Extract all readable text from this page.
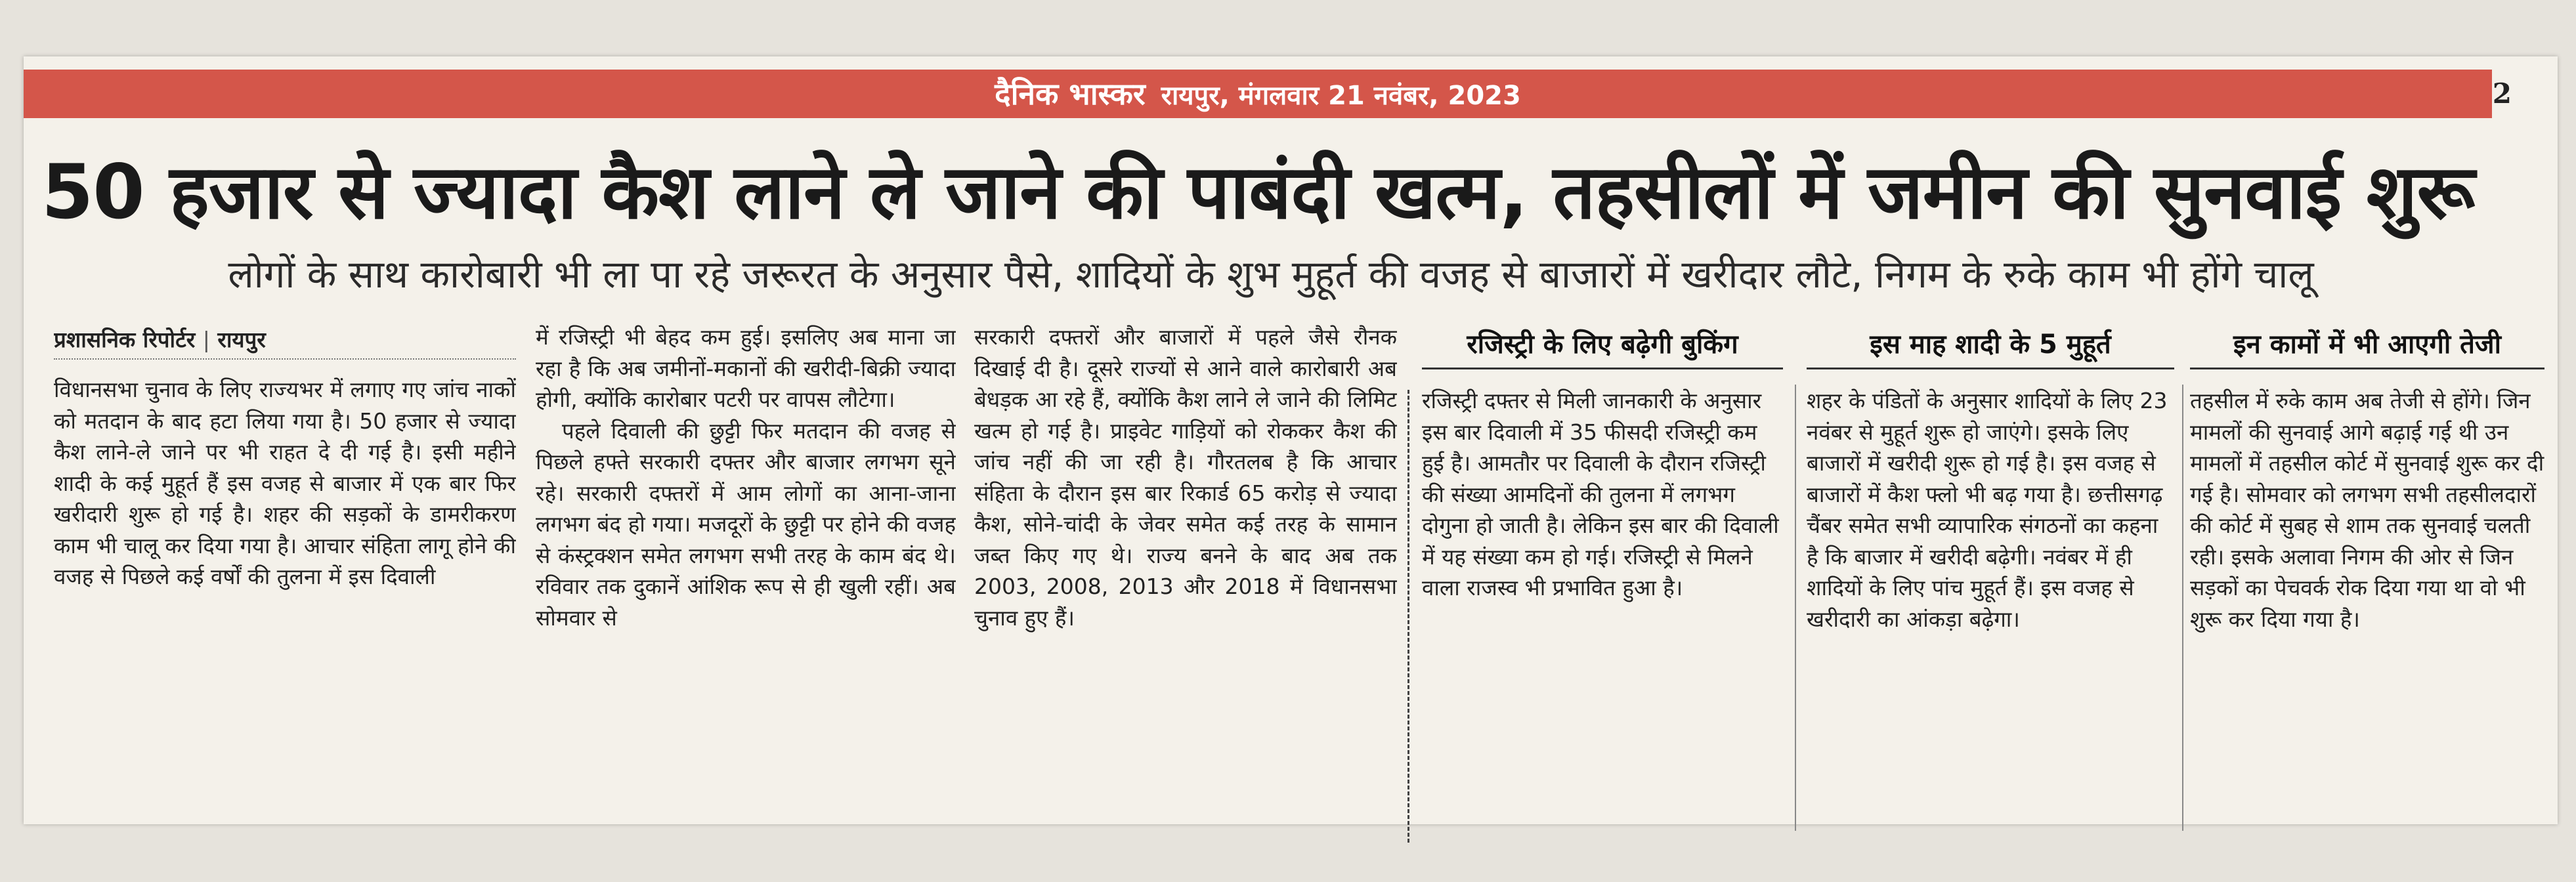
दैनिक भास्कर रायपुर, मंगलवार 21 नवंबर, 2023	2
50 हजार से ज्यादा कैश लाने ले जाने की पाबंदी खत्म, तहसीलों में जमीन की सुनवाई शुरू
लोगों के साथ कारोबारी भी ला पा रहे जरूरत के अनुसार पैसे, शादियों के शुभ मुहूर्त की वजह से बाजारों में खरीदार लौटे, निगम के रुके काम भी होंगे चालू
प्रशासनिक रिपोर्टर | रायपुर

विधानसभा चुनाव के लिए राज्यभर में लगाए गए जांच नाकों को मतदान के बाद हटा लिया गया है। 50 हजार से ज्यादा कैश लाने-ले जाने पर भी राहत दे दी गई है। इसी महीने शादी के कई मुहूर्त हैं इस वजह से बाजार में एक बार फिर खरीदारी शुरू हो गई है। शहर की सड़कों के डामरीकरण काम भी चालू कर दिया गया है। आचार संहिता लागू होने की वजह से पिछले कई वर्षों की तुलना में इस दिवाली

में रजिस्ट्री भी बेहद कम हुई। इसलिए अब माना जा रहा है कि अब जमीनों-मकानों की खरीदी-बिक्री ज्यादा होगी, क्योंकि कारोबार पटरी पर वापस लौटेगा।

पहले दिवाली की छुट्टी फिर मतदान की वजह से पिछले हफ्ते सरकारी दफ्तर और बाजार लगभग सूने रहे। सरकारी दफ्तरों में आम लोगों का आना-जाना लगभग बंद हो गया। मजदूरों के छुट्टी पर होने की वजह से कंस्ट्रक्शन समेत लगभग सभी तरह के काम बंद थे। रविवार तक दुकानें आंशिक रूप से ही खुली रहीं। अब सोमवार से

सरकारी दफ्तरों और बाजारों में पहले जैसे रौनक दिखाई दी है। दूसरे राज्यों से आने वाले कारोबारी अब बेधड़क आ रहे हैं, क्योंकि कैश लाने ले जाने की लिमिट खत्म हो गई है। प्राइवेट गाड़ियों को रोककर कैश की जांच नहीं की जा रही है। गौरतलब है कि आचार संहिता के दौरान इस बार रिकार्ड 65 करोड़ से ज्यादा कैश, सोने-चांदी के जेवर समेत कई तरह के सामान जब्त किए गए थे। राज्य बनने के बाद अब तक 2003, 2008, 2013 और 2018 में विधानसभा चुनाव हुए हैं।

रजिस्ट्री के लिए बढ़ेगी बुकिंग

रजिस्ट्री दफ्तर से मिली जानकारी के अनुसार इस बार दिवाली में 35 फीसदी रजिस्ट्री कम हुई है। आमतौर पर दिवाली के दौरान रजिस्ट्री की संख्या आमदिनों की तुलना में लगभग दोगुना हो जाती है। लेकिन इस बार की दिवाली में यह संख्या कम हो गई। रजिस्ट्री से मिलने वाला राजस्व भी प्रभावित हुआ है।

इस माह शादी के 5 मुहूर्त

शहर के पंडितों के अनुसार शादियों के लिए 23 नवंबर से मुहूर्त शुरू हो जाएंगे। इसके लिए बाजारों में खरीदी शुरू हो गई है। इस वजह से बाजारों में कैश फ्लो भी बढ़ गया है। छत्तीसगढ़ चैंबर समेत सभी व्यापारिक संगठनों का कहना है कि बाजार में खरीदी बढ़ेगी। नवंबर में ही शादियों के लिए पांच मुहूर्त हैं। इस वजह से खरीदारी का आंकड़ा बढ़ेगा।

इन कामों में भी आएगी तेजी

तहसील में रुके काम अब तेजी से होंगे। जिन मामलों की सुनवाई आगे बढ़ाई गई थी उन मामलों में तहसील कोर्ट में सुनवाई शुरू कर दी गई है। सोमवार को लगभग सभी तहसीलदारों की कोर्ट में सुबह से शाम तक सुनवाई चलती रही। इसके अलावा निगम की ओर से जिन सड़कों का पेचवर्क रोक दिया गया था वो भी शुरू कर दिया गया है।
